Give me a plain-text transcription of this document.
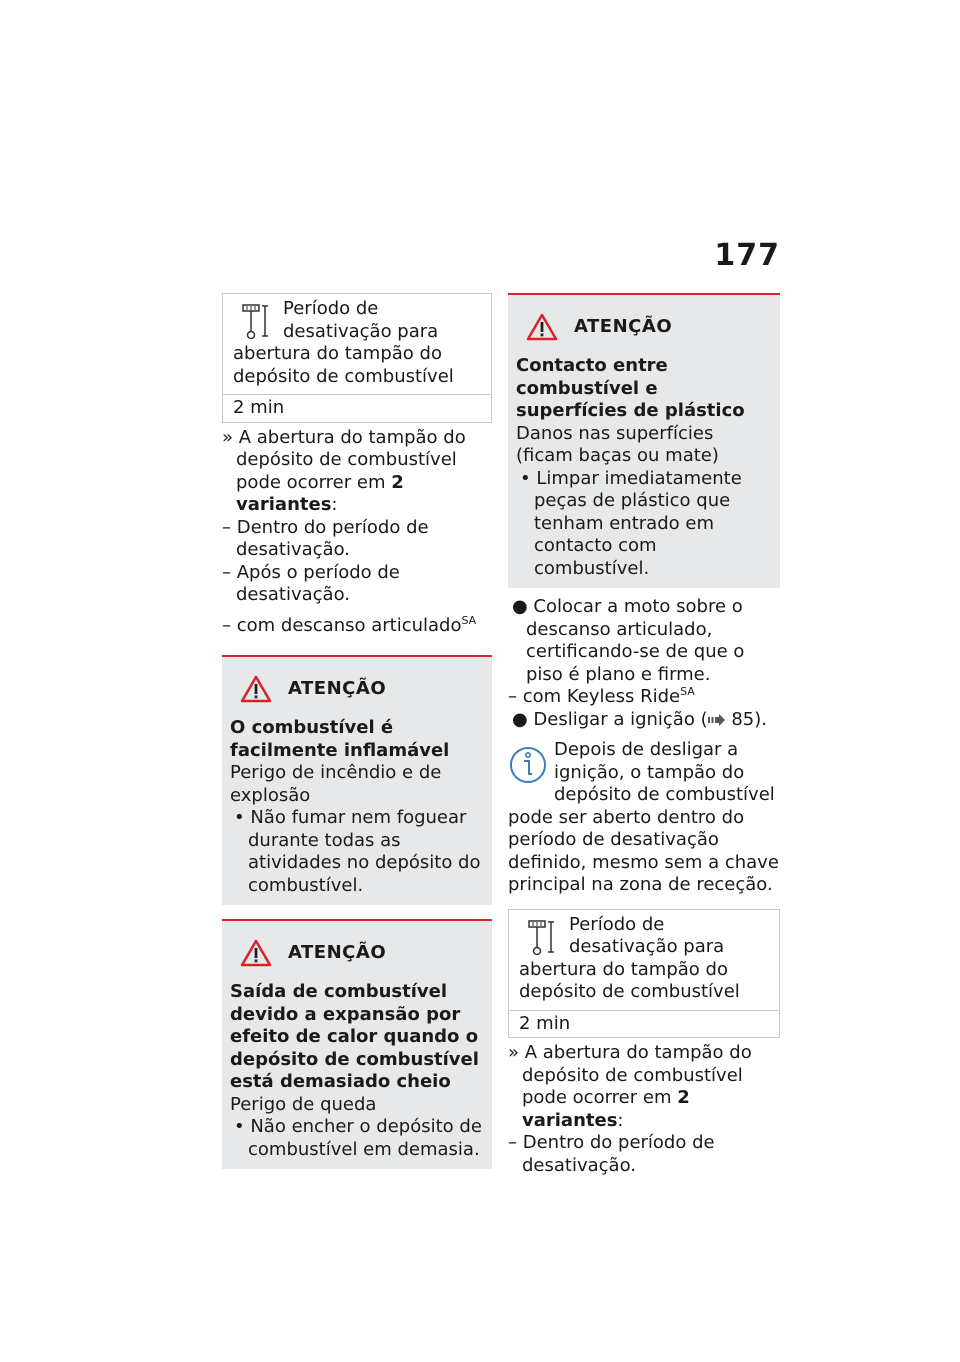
177
Período de desativação para abertura do tampão do depósito de combustível
2 min
» A abertura do tampão do depósito de combustível pode ocorrer em 2 variantes:
– Dentro do período de desativação.
– Após o período de desativação.
– com descanso articulado$^{SA}$
ATENÇÃO
O combustível é facilmente inflamável
Perigo de incêndio e de explosão
• Não fumar nem foguear durante todas as atividades no depósito do combustível.
ATENÇÃO
Saída de combustível devido a expansão por efeito de calor quando o depósito de combustível está demasiado cheio
Perigo de queda
• Não encher o depósito de combustível em demasia.
ATENÇÃO
Contacto entre combustível e superfícies de plástico
Danos nas superfícies (ficam baças ou mate)
• Limpar imediatamente peças de plástico que tenham entrado em contacto com combustível.
● Colocar a moto sobre o descanso articulado, certificando-se de que o piso é plano e firme.
– com Keyless Ride$^{SA}$
● Desligar a ignição ( 85).
Depois de desligar a ignição, o tampão do depósito de combustível pode ser aberto dentro do período de desativação definido, mesmo sem a chave principal na zona de receção.
Período de desativação para abertura do tampão do depósito de combustível
2 min
» A abertura do tampão do depósito de combustível pode ocorrer em 2 variantes:
– Dentro do período de desativação.
